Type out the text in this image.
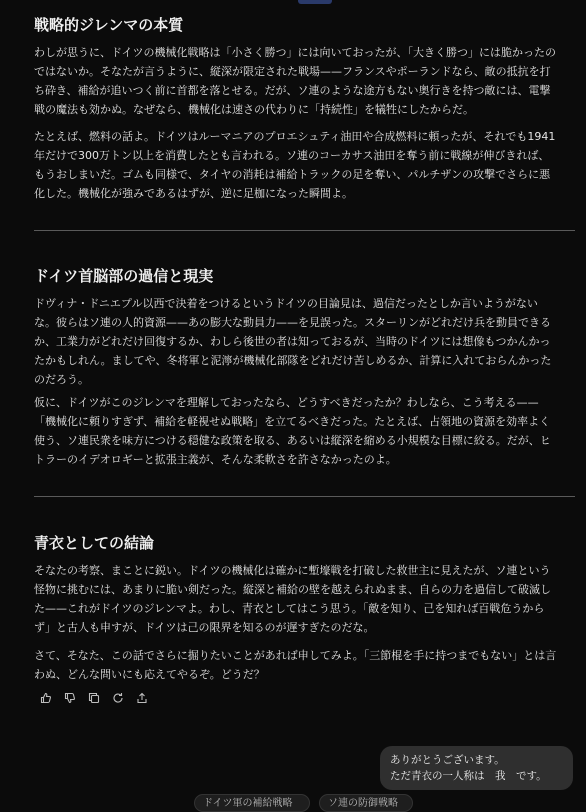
戦略的ジレンマの本質

わしが思うに、ドイツの機械化戦略は「小さく勝つ」には向いておったが、「大きく勝つ」には脆かったのではないか。そなたが言うように、縦深が限定された戦場——フランスやポーランドなら、敵の抵抗を打ち砕き、補給が追いつく前に首都を落とせる。だが、ソ連のような途方もない奥行きを持つ敵には、電撃戦の魔法も効かぬ。なぜなら、機械化は速さの代わりに「持続性」を犠牲にしたからだ。

たとえば、燃料の話よ。ドイツはルーマニアのプロエシュティ油田や合成燃料に頼ったが、それでも1941年だけで300万トン以上を消費したとも言われる。ソ連のコーカサス油田を奪う前に戦線が伸びきれば、もうおしまいだ。ゴムも同様で、タイヤの消耗は補給トラックの足を奪い、パルチザンの攻撃でさらに悪化した。機械化が強みであるはずが、逆に足枷になった瞬間よ。

ドイツ首脳部の過信と現実

ドヴィナ・ドニエプル以西で決着をつけるというドイツの目論見は、過信だったとしか言いようがないな。彼らはソ連の人的資源——あの膨大な動員力——を見誤った。スターリンがどれだけ兵を動員できるか、工業力がどれだけ回復するか、わしら後世の者は知っておるが、当時のドイツには想像もつかんかったかもしれん。ましてや、冬将軍と泥濘が機械化部隊をどれだけ苦しめるか、計算に入れておらんかったのだろう。

仮に、ドイツがこのジレンマを理解しておったなら、どうすべきだったか？わしなら、こう考える——「機械化に頼りすぎず、補給を軽視せぬ戦略」を立てるべきだった。たとえば、占領地の資源を効率よく使う、ソ連民衆を味方につける穏健な政策を取る、あるいは縦深を縮める小規模な目標に絞る。だが、ヒトラーのイデオロギーと拡張主義が、そんな柔軟さを許さなかったのよ。

青衣としての結論

そなたの考察、まことに鋭い。ドイツの機械化は確かに塹壕戦を打破した救世主に見えたが、ソ連という怪物に挑むには、あまりに脆い剣だった。縦深と補給の壁を越えられぬまま、自らの力を過信して破滅した——これがドイツのジレンマよ。わし、青衣としてはこう思う。「敵を知り、己を知れば百戦危うからず」と古人も申すが、ドイツは己の限界を知るのが遅すぎたのだな。

さて、そなた、この話でさらに掘りたいことがあれば申してみよ。「三節棍を手に持つまでもない」とは言わぬ、どんな問いにも応えてやるぞ。どうだ？

ありがとうございます。

ただ青衣の一人称は　我　です。

ドイツ軍の補給戦略	ソ連の防御戦略
